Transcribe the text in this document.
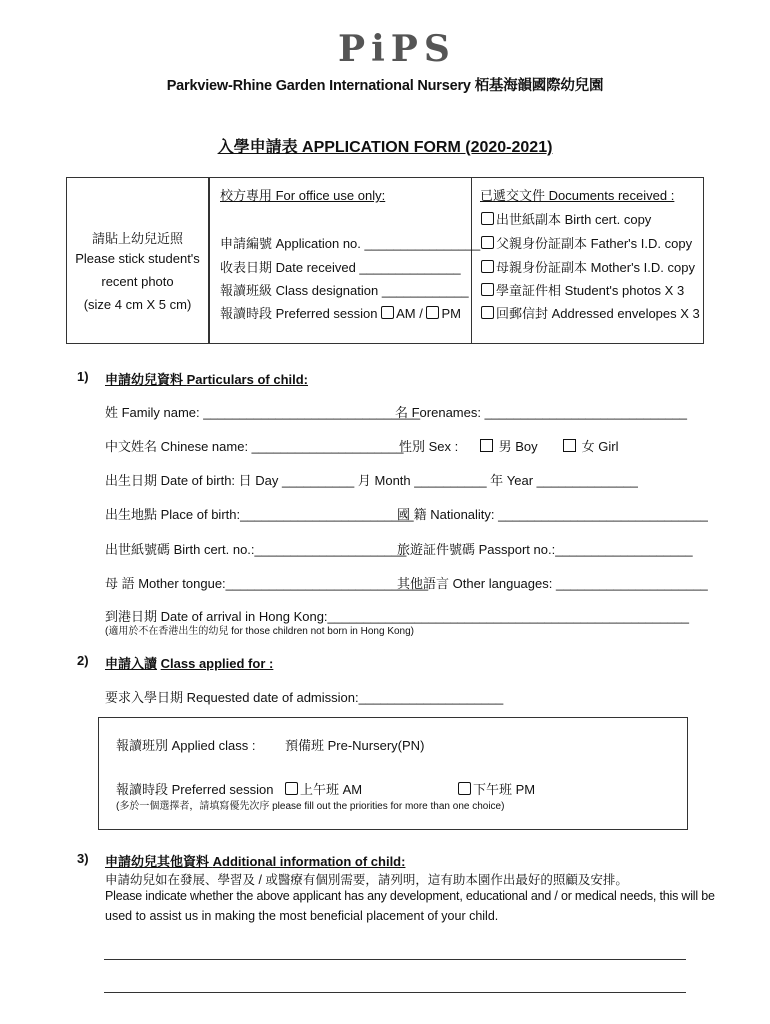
PiPS
Parkview-Rhine Garden International Nursery 栢基海韻國際幼兒園
入學申請表 APPLICATION FORM (2020-2021)
請貼上幼兒近照
Please stick student's
recent photo
(size 4 cm X 5 cm)
校方專用 For office use only:
申請編號 Application no. ________________
收表日期 Date received ______________
報讀班級 Class designation ____________
報讀時段 Preferred session AM / PM
已遞交文件 Documents received :
出世紙副本 Birth cert. copy
父親身份証副本 Father's I.D. copy
母親身份証副本 Mother's I.D. copy
學童証件相 Student's photos X 3
回郵信封 Addressed envelopes X 3
1) 申請幼兒資料 Particulars of child:
姓 Family name: ______________________________
名 Forenames: ____________________________
中文姓名 Chinese name: _____________________
性別 Sex :	男 Boy	女 Girl
出生日期 Date of birth: 日 Day __________ 月 Month __________ 年 Year ______________
出生地點 Place of birth:________________________
國 籍 Nationality: _____________________________
出世紙號碼 Birth cert. no.:_____________________
旅遊証件號碼 Passport no.:___________________
母 語 Mother tongue:____________________________
其他語言 Other languages: _____________________
到港日期 Date of arrival in Hong Kong:__________________________________________________
(適用於不在香港出生的幼兒 for those children not born in Hong Kong)
2) 申請入讀 Class applied for :
要求入學日期 Requested date of admission:____________________
報讀班別 Applied class : 預備班 Pre-Nursery(PN)
報讀時段 Preferred session	上午班 AM	下午班 PM
(多於一個選擇者，請填寫優先次序 please fill out the priorities for more than one choice)
3) 申請幼兒其他資料 Additional information of child:
申請幼兒如在發展、學習及 / 或醫療有個別需要，請列明，這有助本園作出最好的照顧及安排。
Please indicate whether the above applicant has any development, educational and / or medical needs, this will be
used to assist us in making the most beneficial placement of your child.
